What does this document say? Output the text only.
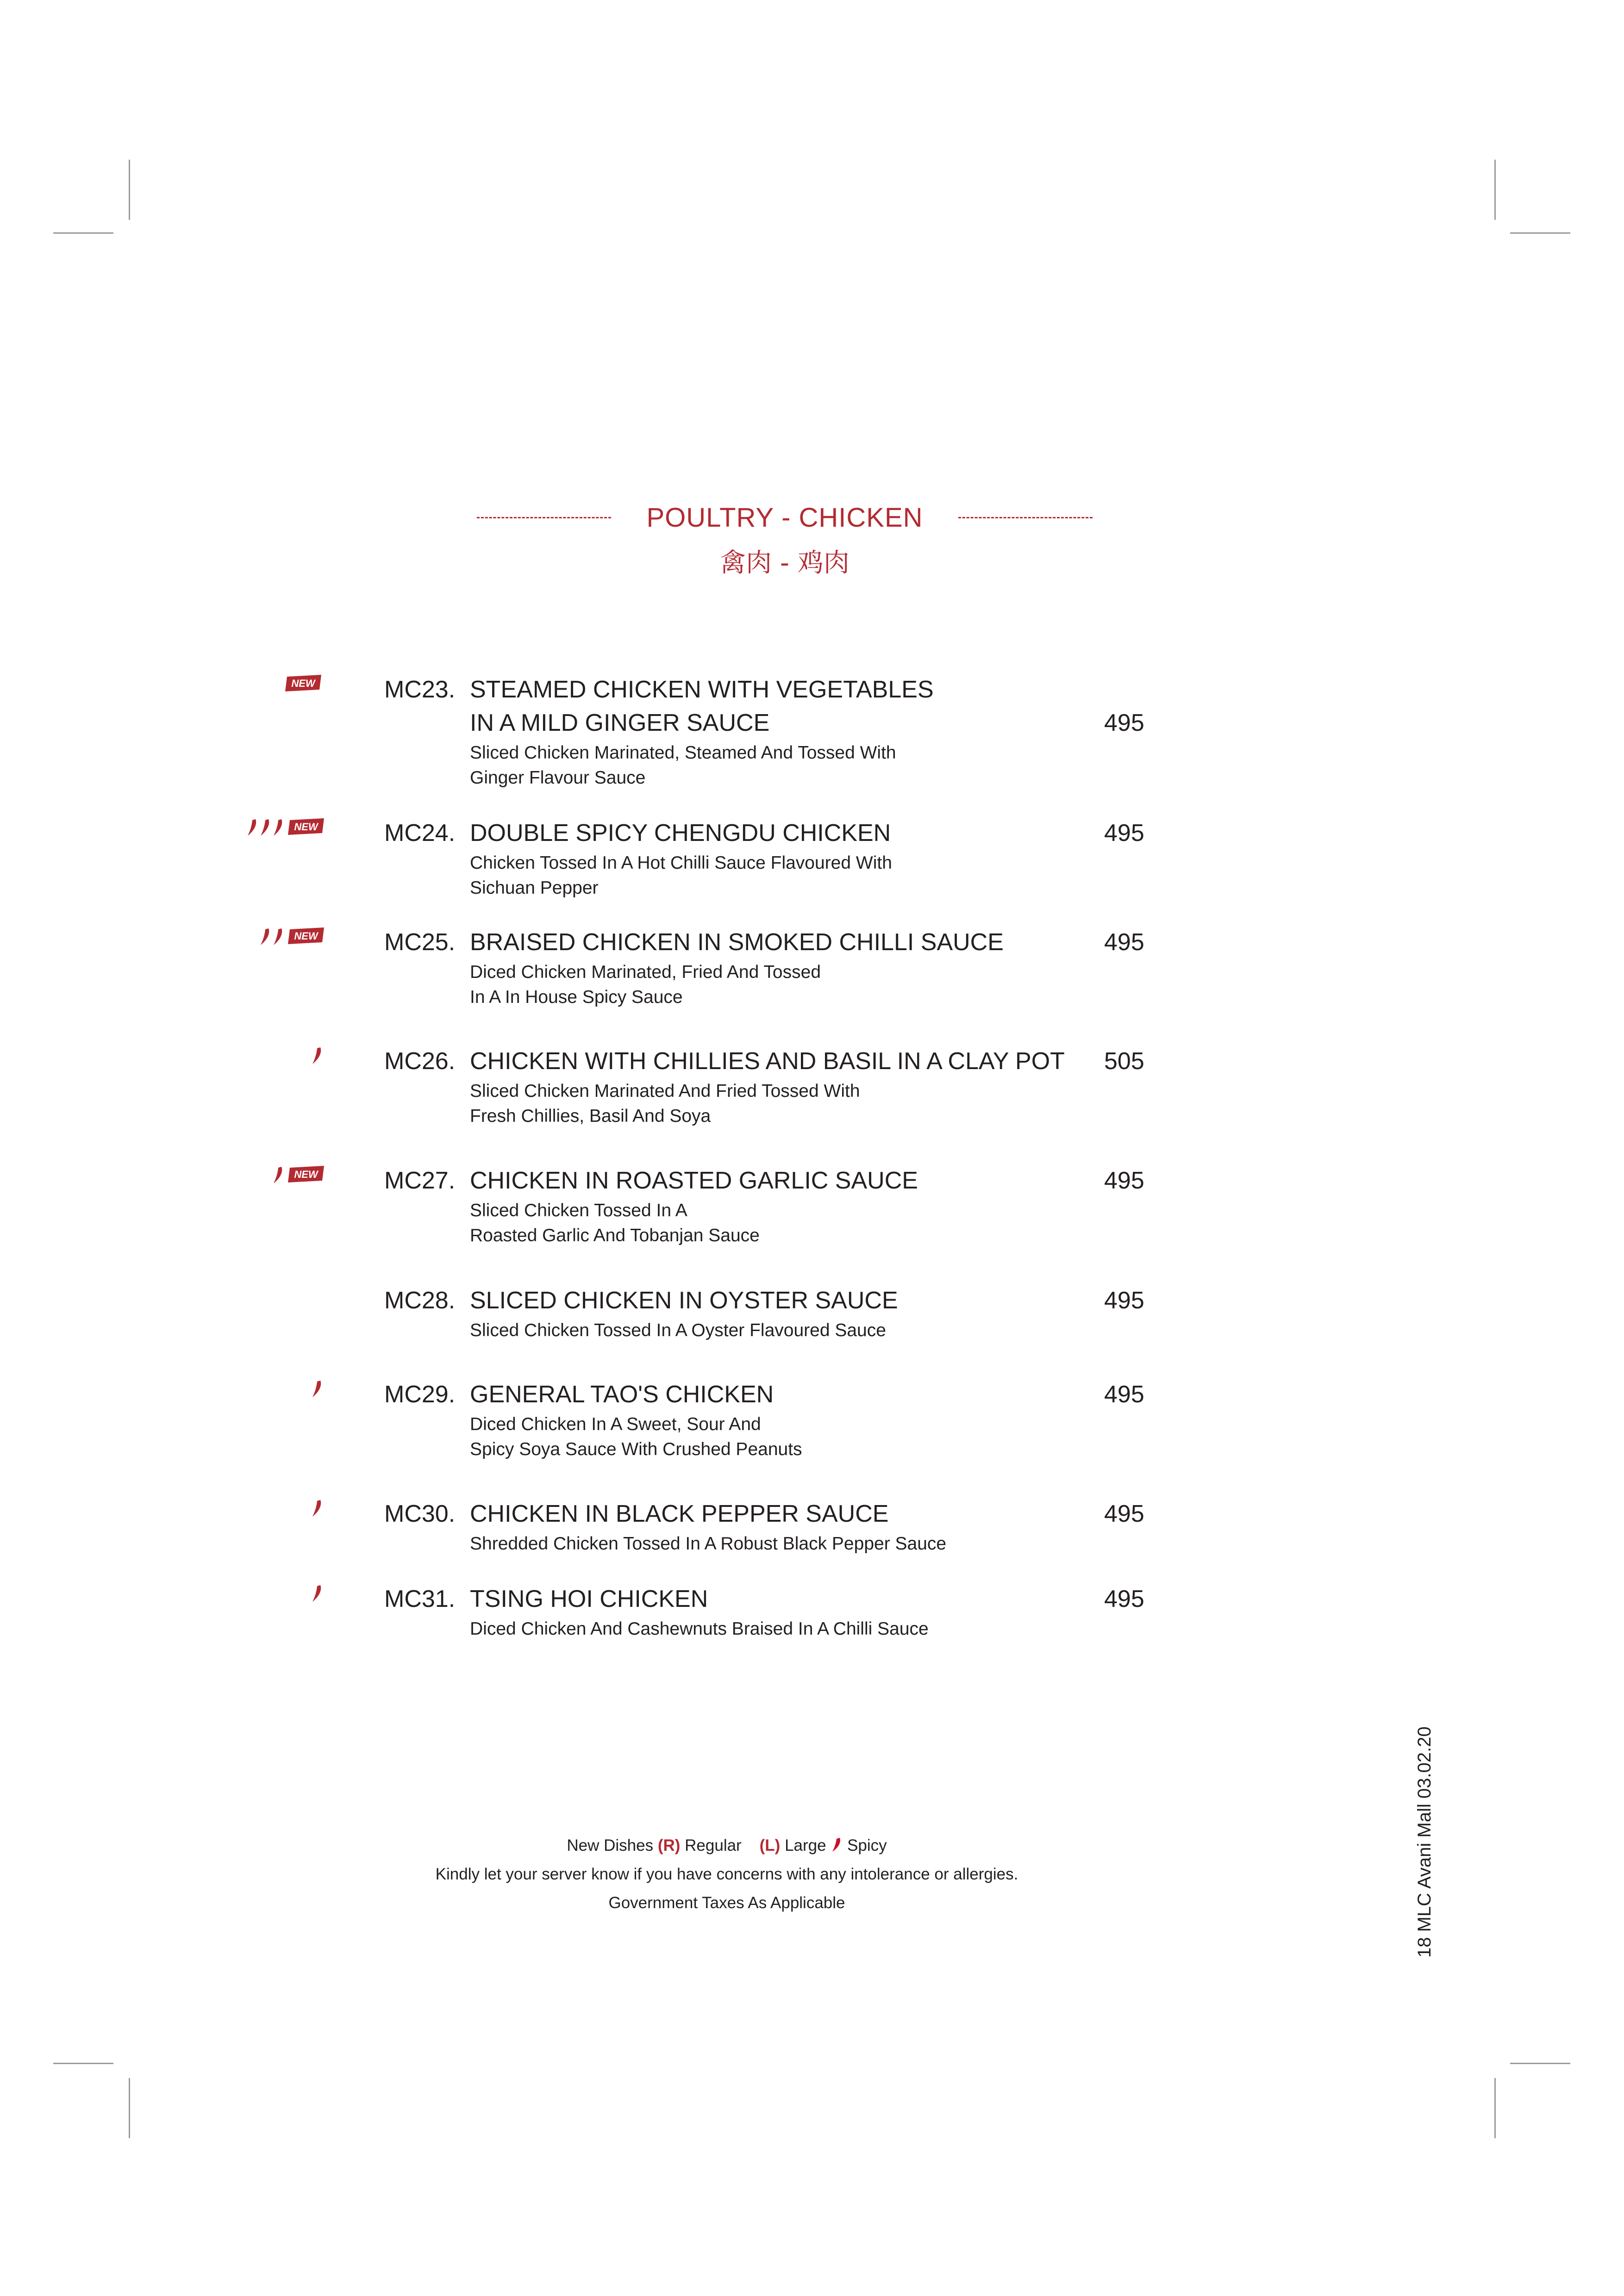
POULTRY - CHICKEN
禽肉 - 鸡肉
NEW	MC23. STEAMED CHICKEN WITH VEGETABLES
IN A MILD GINGER SAUCE	495
Sliced Chicken Marinated, Steamed And Tossed With
Ginger Flavour Sauce
NEW	MC24. DOUBLE SPICY CHENGDU CHICKEN	495
Chicken Tossed In A Hot Chilli Sauce Flavoured With
Sichuan Pepper
NEW	MC25. BRAISED CHICKEN IN SMOKED CHILLI SAUCE	495
Diced Chicken Marinated, Fried And Tossed
In A In House Spicy Sauce
MC26. CHICKEN WITH CHILLIES AND BASIL IN A CLAY POT 505
Sliced Chicken Marinated And Fried Tossed With
Fresh Chillies, Basil And Soya
NEW	MC27. CHICKEN IN ROASTED GARLIC SAUCE	495
Sliced Chicken Tossed In A
Roasted Garlic And Tobanjan Sauce
MC28. SLICED CHICKEN IN OYSTER SAUCE	495
Sliced Chicken Tossed In A Oyster Flavoured Sauce
MC29. GENERAL TAO'S CHICKEN	495
Diced Chicken In A Sweet, Sour And
Spicy Soya Sauce With Crushed Peanuts
MC30. CHICKEN IN BLACK PEPPER SAUCE	495
Shredded Chicken Tossed In A Robust Black Pepper Sauce
MC31. TSING HOI CHICKEN	495
Diced Chicken And Cashewnuts Braised In A Chilli Sauce
New Dishes (R) Regular (L) Large Spicy
Kindly let your server know if you have concerns with any intolerance or allergies.
Government Taxes As Applicable	18 MLC Avani Mall 03.02.20
